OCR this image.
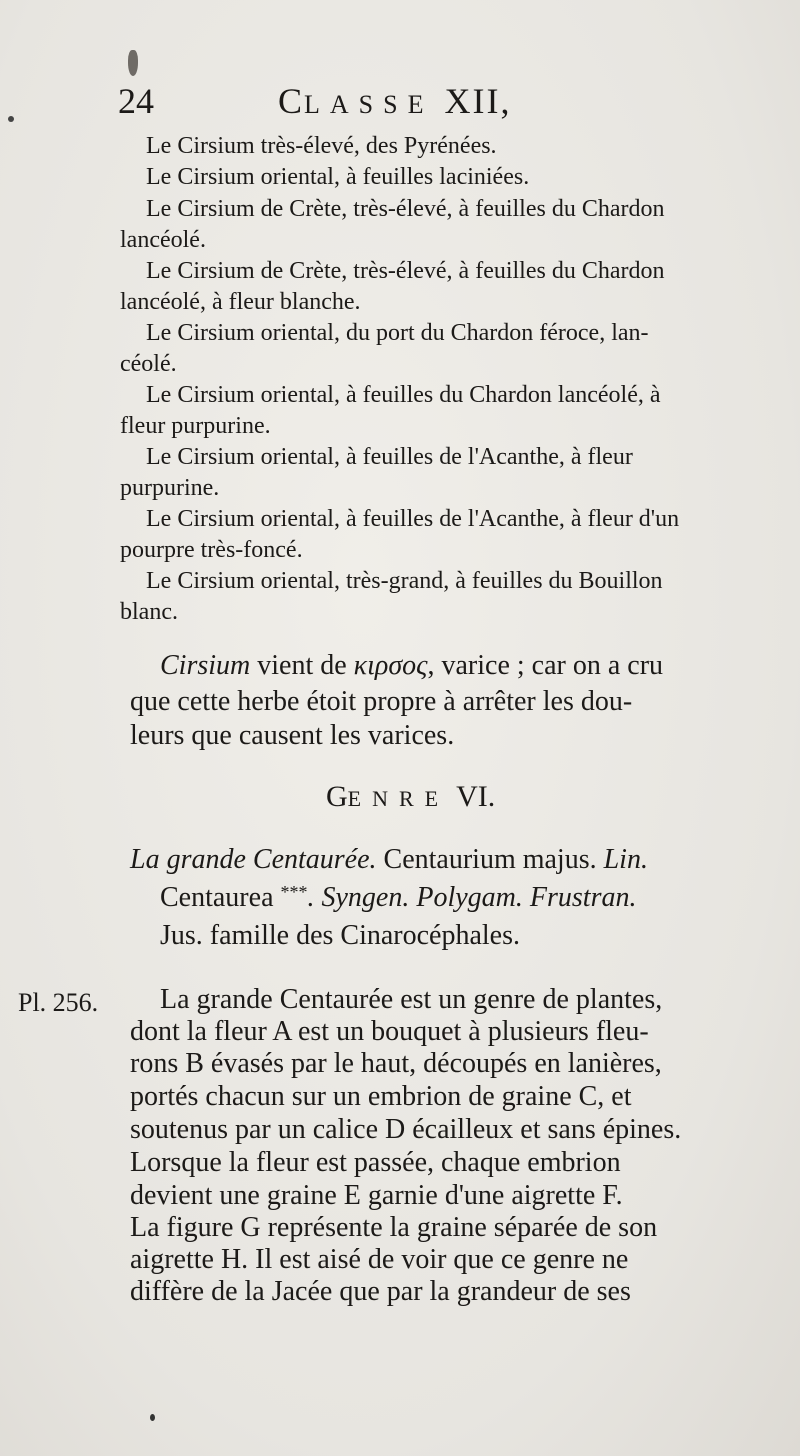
24	CLASSE XII,
Le Cirsium très-élevé, des Pyrénées.
Le Cirsium oriental, à feuilles laciniées.
Le Cirsium de Crète, très-élevé, à feuilles du Chardon
lancéolé.
Le Cirsium de Crète, très-élevé, à feuilles du Chardon
lancéolé, à fleur blanche.
Le Cirsium oriental, du port du Chardon féroce, lan-
céolé.
Le Cirsium oriental, à feuilles du Chardon lancéolé, à
fleur purpurine.
Le Cirsium oriental, à feuilles de l'Acanthe, à fleur
purpurine.
Le Cirsium oriental, à feuilles de l'Acanthe, à fleur d'un
pourpre très-foncé.
Le Cirsium oriental, très-grand, à feuilles du Bouillon
blanc.
Cirsium vient de κιρσος, varice ; car on a cru
que cette herbe étoit propre à arrêter les dou-
leurs que causent les varices.
GENRE VI.
La grande Centaurée. Centaurium majus. Lin.
Centaurea ***. Syngen. Polygam. Frustran.
Jus. famille des Cinarocéphales.
Pl. 256. La grande Centaurée est un genre de plantes,
dont la fleur A est un bouquet à plusieurs fleu-
rons B évasés par le haut, découpés en lanières,
portés chacun sur un embrion de graine C, et
soutenus par un calice D écailleux et sans épines.
Lorsque la fleur est passée, chaque embrion
devient une graine E garnie d'une aigrette F.
La figure G représente la graine séparée de son
aigrette H. Il est aisé de voir que ce genre ne
diffère de la Jacée que par la grandeur de ses
